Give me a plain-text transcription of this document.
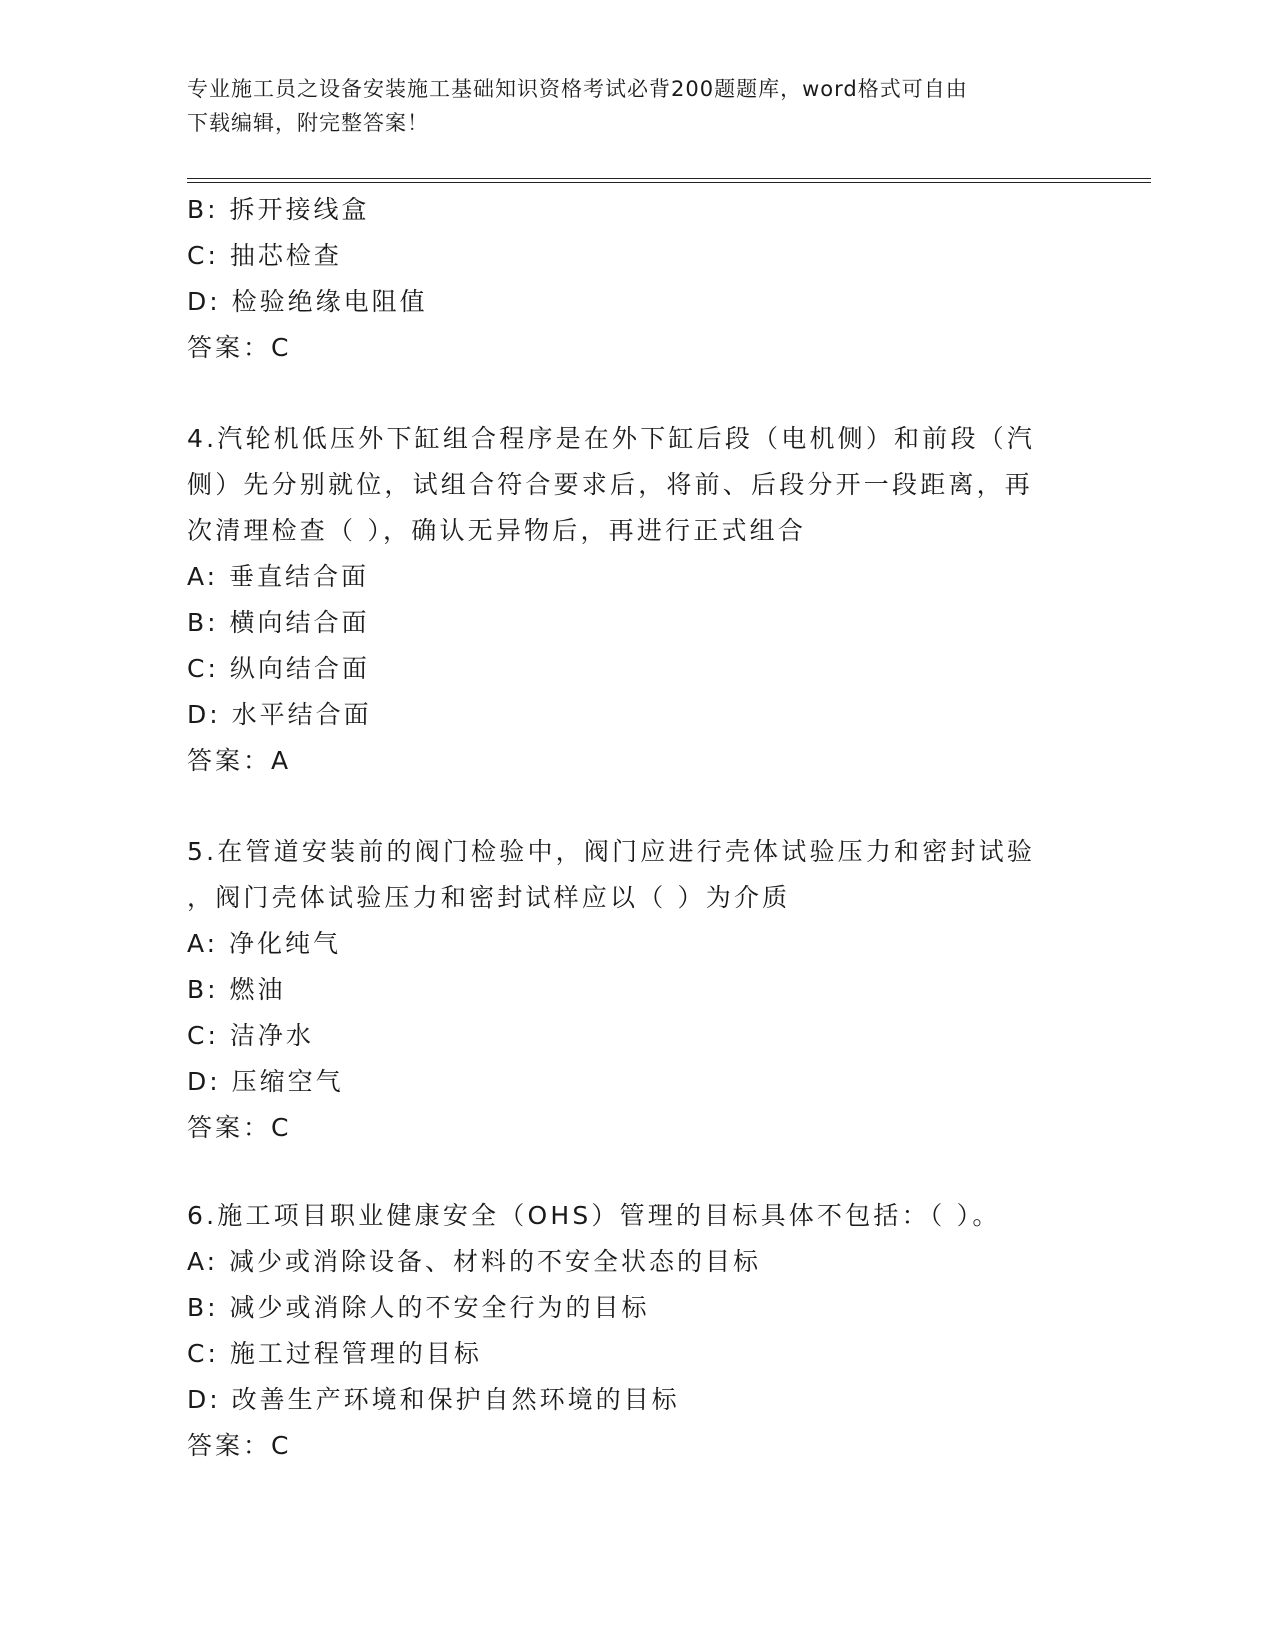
专业施工员之设备安装施工基础知识资格考试必背200题题库，word格式可自由
下载编辑，附完整答案！
B: 拆开接线盒
C: 抽芯检查
D: 检验绝缘电阻值
答案：C
4.汽轮机低压外下缸组合程序是在外下缸后段（电机侧）和前段（汽
侧）先分别就位，试组合符合要求后，将前、后段分开一段距离，再
次清理检查（ ），确认无异物后，再进行正式组合
A: 垂直结合面
B: 横向结合面
C: 纵向结合面
D: 水平结合面
答案：A
5.在管道安装前的阀门检验中，阀门应进行壳体试验压力和密封试验
，阀门壳体试验压力和密封试样应以（ ）为介质
A: 净化纯气
B: 燃油
C: 洁净水
D: 压缩空气
答案：C
6.施工项目职业健康安全（OHS）管理的目标具体不包括：（ ）。
A: 减少或消除设备、材料的不安全状态的目标
B: 减少或消除人的不安全行为的目标
C: 施工过程管理的目标
D: 改善生产环境和保护自然环境的目标
答案：C
